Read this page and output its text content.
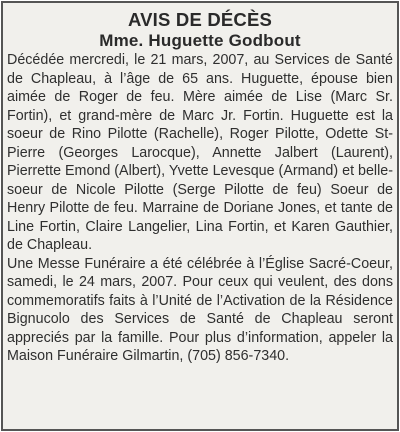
AVIS DE DÉCÈS
Mme. Huguette Godbout

Décédée mercredi, le 21 mars, 2007, au Services de Santé de Chapleau, à l’âge de 65 ans. Huguette, épouse bien aimée de Roger de feu. Mère aimée de Lise (Marc Sr. Fortin), et grand-mère de Marc Jr. Fortin. Huguette est la soeur de Rino Pilotte (Rachelle), Roger Pilotte, Odette St-Pierre (Georges Larocque), Annette Jalbert (Laurent), Pierrette Emond (Albert), Yvette Levesque (Armand) et belle-soeur de Nicole Pilotte (Serge Pilotte de feu) Soeur de Henry Pilotte de feu. Marraine de Doriane Jones, et tante de Line Fortin, Claire Langelier, Lina Fortin, et Karen Gauthier, de Chapleau.

Une Messe Funéraire a été célébrée à l’Église Sacré-Coeur, samedi, le 24 mars, 2007. Pour ceux qui veulent, des dons commemoratifs faits à l’Unité de l’Activation de la Résidence Bignucolo des Services de Santé de Chapleau seront appreciés par la famille. Pour plus d’information, appeler la Maison Funéraire Gilmartin, (705) 856-7340.
